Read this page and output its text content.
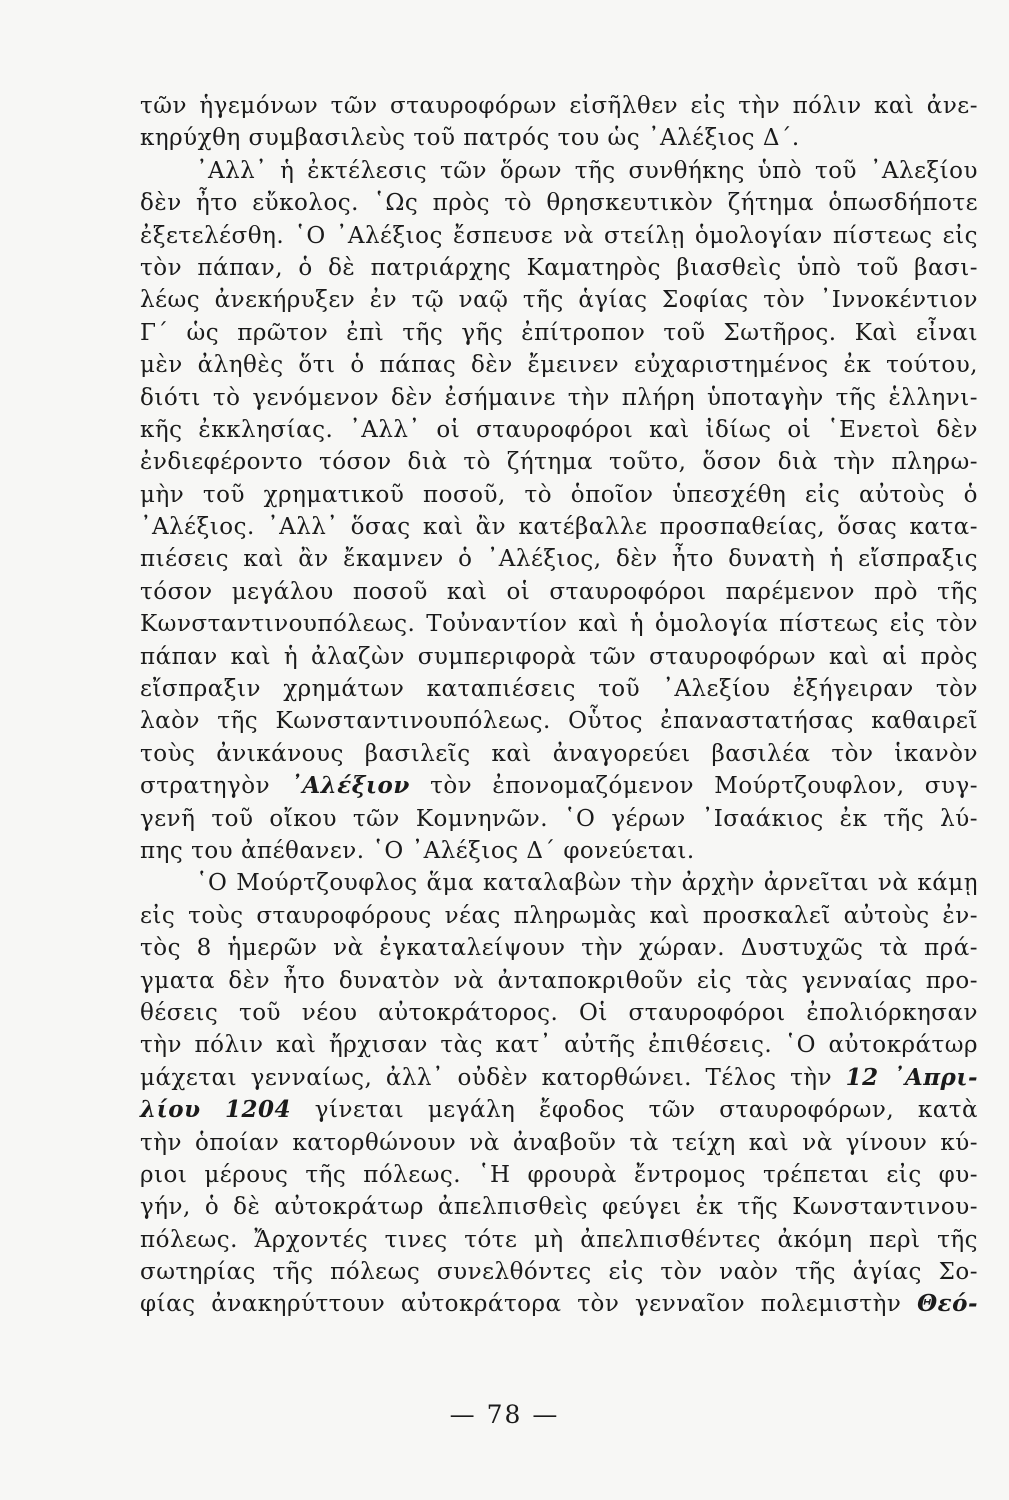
τῶν ἡγεμόνων τῶν σταυροφόρων εἰσῆλθεν εἰς τὴν πόλιν καὶ ἀνε-
κηρύχθη συμβασιλεὺς τοῦ πατρός του ὡς ᾿Αλέξιος Δ΄.
᾿Αλλ᾿ ἡ ἐκτέλεσις τῶν ὅρων τῆς συνθήκης ὑπὸ τοῦ ᾿Αλεξίου
δὲν ἦτο εὔκολος. ῾Ως πρὸς τὸ θρησκευτικὸν ζήτημα ὁπωσδήποτε
ἐξετελέσθη. ῾Ο ᾿Αλέξιος ἔσπευσε νὰ στείλῃ ὁμολογίαν πίστεως εἰς
τὸν πάπαν, ὁ δὲ πατριάρχης Καματηρὸς βιασθεὶς ὑπὸ τοῦ βασι-
λέως ἀνεκήρυξεν ἐν τῷ ναῷ τῆς ἁγίας Σοφίας τὸν ᾿Ιννοκέντιον
Γ΄ ὡς πρῶτον ἐπὶ τῆς γῆς ἐπίτροπον τοῦ Σωτῆρος. Καὶ εἶναι
μὲν ἀληθὲς ὅτι ὁ πάπας δὲν ἔμεινεν εὐχαριστημένος ἐκ τούτου,
διότι τὸ γενόμενον δὲν ἐσήμαινε τὴν πλήρη ὑποταγὴν τῆς ἑλληνι-
κῆς ἐκκλησίας. ᾿Αλλ᾿ οἱ σταυροφόροι καὶ ἰδίως οἱ ῾Ενετοὶ δὲν
ἐνδιεφέροντο τόσον διὰ τὸ ζήτημα τοῦτο, ὅσον διὰ τὴν πληρω-
μὴν τοῦ χρηματικοῦ ποσοῦ, τὸ ὁποῖον ὑπεσχέθη εἰς αὐτοὺς ὁ
᾿Αλέξιος. ᾿Αλλ᾿ ὅσας καὶ ἂν κατέβαλλε προσπαθείας, ὅσας κατα-
πιέσεις καὶ ἂν ἔκαμνεν ὁ ᾿Αλέξιος, δὲν ἦτο δυνατὴ ἡ εἴσπραξις
τόσον μεγάλου ποσοῦ καὶ οἱ σταυροφόροι παρέμενον πρὸ τῆς
Κωνσταντινουπόλεως. Τοὐναντίον καὶ ἡ ὁμολογία πίστεως εἰς τὸν
πάπαν καὶ ἡ ἀλαζὼν συμπεριφορὰ τῶν σταυροφόρων καὶ αἱ πρὸς
εἴσπραξιν χρημάτων καταπιέσεις τοῦ ᾿Αλεξίου ἐξήγειραν τὸν
λαὸν τῆς Κωνσταντινουπόλεως. Οὗτος ἐπαναστατήσας καθαιρεῖ
τοὺς ἀνικάνους βασιλεῖς καὶ ἀναγορεύει βασιλέα τὸν ἱκανὸν
στρατηγὸν ᾿Αλέξιον τὸν ἐπονομαζόμενον Μούρτζουφλον, συγ-
γενῆ τοῦ οἴκου τῶν Κομνηνῶν. ῾Ο γέρων ᾿Ισαάκιος ἐκ τῆς λύ-
πης του ἀπέθανεν. ῾Ο ᾿Αλέξιος Δ΄ φονεύεται.
῾Ο Μούρτζουφλος ἅμα καταλαβὼν τὴν ἀρχὴν ἀρνεῖται νὰ κάμῃ
εἰς τοὺς σταυροφόρους νέας πληρωμὰς καὶ προσκαλεῖ αὐτοὺς ἐν-
τὸς 8 ἡμερῶν νὰ ἐγκαταλείψουν τὴν χώραν. Δυστυχῶς τὰ πρά-
γματα δὲν ἦτο δυνατὸν νὰ ἀνταποκριθοῦν εἰς τὰς γενναίας προ-
θέσεις τοῦ νέου αὐτοκράτορος. Οἱ σταυροφόροι ἐπολιόρκησαν
τὴν πόλιν καὶ ἤρχισαν τὰς κατ᾿ αὐτῆς ἐπιθέσεις. ῾Ο αὐτοκράτωρ
μάχεται γενναίως, ἀλλ᾿ οὐδὲν κατορθώνει. Τέλος τὴν 12 ᾿Απρι-
λίου 1204 γίνεται μεγάλη ἔφοδος τῶν σταυροφόρων, κατὰ
τὴν ὁποίαν κατορθώνουν νὰ ἀναβοῦν τὰ τείχη καὶ νὰ γίνουν κύ-
ριοι μέρους τῆς πόλεως. ῾Η φρουρὰ ἔντρομος τρέπεται εἰς φυ-
γήν, ὁ δὲ αὐτοκράτωρ ἀπελπισθεὶς φεύγει ἐκ τῆς Κωνσταντινου-
πόλεως. Ἄρχοντές τινες τότε μὴ ἀπελπισθέντες ἀκόμη περὶ τῆς
σωτηρίας τῆς πόλεως συνελθόντες εἰς τὸν ναὸν τῆς ἁγίας Σο-
φίας ἀνακηρύττουν αὐτοκράτορα τὸν γενναῖον πολεμιστὴν Θεό-
— 78 —
